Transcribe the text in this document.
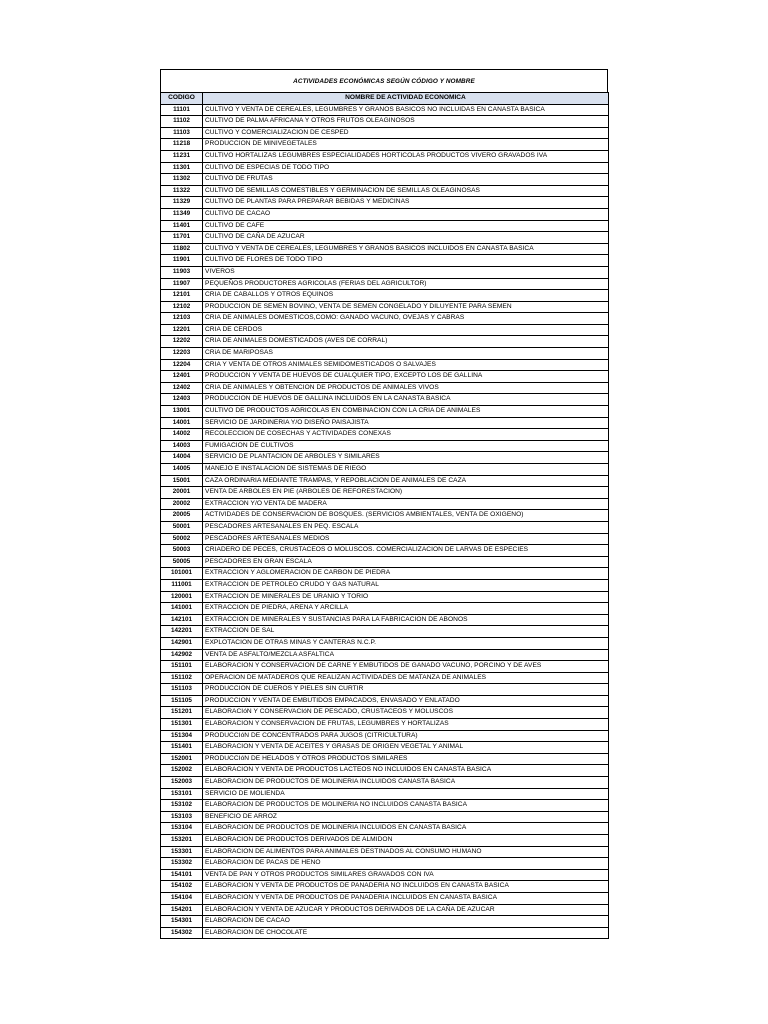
ACTIVIDADES ECONÓMICAS SEGÚN CÓDIGO Y NOMBRE
CODIGO	NOMBRE DE ACTIVIDAD ECONOMICA
11101	CULTIVO Y VENTA DE CEREALES, LEGUMBRES Y GRANOS BASICOS NO INCLUIDAS EN CANASTA BASICA
11102	CULTIVO DE PALMA AFRICANA Y OTROS FRUTOS OLEAGINOSOS
11103	CULTIVO Y COMERCIALIZACION DE CESPED
11218	PRODUCCION DE MINIVEGETALES
11231	CULTIVO HORTALIZAS LEGUMBRES ESPECIALIDADES HORTICOLAS PRODUCTOS VIVERO GRAVADOS IVA
11301	CULTIVO DE ESPECIAS DE TODO TIPO
11302	CULTIVO DE FRUTAS
11322	CULTIVO DE SEMILLAS COMESTIBLES Y GERMINACION DE SEMILLAS OLEAGINOSAS
11329	CULTIVO DE PLANTAS PARA PREPARAR BEBIDAS Y MEDICINAS
11349	CULTIVO DE CACAO
11401	CULTIVO DE CAFE
11701	CULTIVO DE CAÑA DE AZUCAR
11802	CULTIVO Y VENTA DE CEREALES, LEGUMBRES Y GRANOS BASICOS INCLUIDOS EN CANASTA BASICA
11901	CULTIVO DE FLORES DE TODO TIPO
11903	VIVEROS
11907	PEQUEÑOS PRODUCTORES AGRICOLAS (FERIAS DEL AGRICULTOR)
12101	CRIA DE CABALLOS Y OTROS EQUINOS
12102	PRODUCCION DE SEMEN BOVINO, VENTA DE SEMEN CONGELADO Y DILUYENTE PARA SEMEN
12103	CRIA DE ANIMALES DOMESTICOS,COMO: GANADO VACUNO, OVEJAS Y CABRAS
12201	CRIA DE CERDOS
12202	CRIA DE ANIMALES DOMESTICADOS (AVES DE CORRAL)
12203	CRiA DE MARIPOSAS
12204	CRIA Y VENTA DE OTROS ANIMALES SEMIDOMESTICADOS O SALVAJES
12401	PRODUCCION Y VENTA DE HUEVOS DE CUALQUIER TIPO, EXCEPTO LOS DE GALLINA
12402	CRIA DE ANIMALES Y OBTENCION DE PRODUCTOS DE ANIMALES VIVOS
12403	PRODUCCION DE HUEVOS DE GALLINA INCLUIDOS EN LA CANASTA BASICA
13001	CULTIVO DE PRODUCTOS AGRICOLAS EN COMBINACION CON LA CRIA DE ANIMALES
14001	SERVICIO DE JARDINERIA Y/O DISEÑO PAISAJISTA
14002	RECOLECCION DE COSECHAS Y ACTIVIDADES CONEXAS
14003	FUMIGACION DE CULTIVOS
14004	SERVICIO DE PLANTACION DE ARBOLES Y SIMILARES
14005	MANEJO E INSTALACION DE SISTEMAS DE RIEGO
15001	CAZA ORDINARIA MEDIANTE TRAMPAS, Y REPOBLACION DE ANIMALES DE CAZA
20001	VENTA DE ARBOLES EN PIE (ARBOLES DE REFORESTACION)
20002	EXTRACCION Y/O VENTA DE MADERA
20005	ACTIVIDADES DE CONSERVACION DE BOSQUES. (SERVICIOS AMBIENTALES, VENTA DE OXIGENO)
50001	PESCADORES ARTESANALES EN PEQ. ESCALA
50002	PESCADORES ARTESANALES MEDIOS
50003	CRIADERO DE PECES, CRUSTACEOS O MOLUSCOS. COMERCIALIZACION DE LARVAS DE ESPECIES
50005	PESCADORES EN GRAN ESCALA
101001	EXTRACCION Y AGLOMERACION DE CARBON DE PIEDRA
111001	EXTRACCION DE PETROLEO CRUDO Y GAS NATURAL
120001	EXTRACCION DE MINERALES DE URANIO Y TORIO
141001	EXTRACCION DE PIEDRA, ARENA Y ARCILLA
142101	EXTRACCION DE MINERALES Y SUSTANCIAS PARA LA FABRICACION DE ABONOS
142201	EXTRACCION DE SAL
142901	EXPLOTACION DE OTRAS MINAS Y CANTERAS N.C.P.
142902	VENTA DE ASFALTO/MEZCLA ASFALTICA
151101	ELABORACION Y CONSERVACION DE CARNE Y EMBUTIDOS DE GANADO VACUNO, PORCINO Y DE AVES
151102	OPERACION DE MATADEROS QUE REALIZAN ACTIVIDADES DE MATANZA DE ANIMALES
151103	PRODUCCION DE CUEROS Y PIELES SIN CURTIR
151105	PRODUCCION Y VENTA DE EMBUTIDOS EMPACADOS, ENVASADO Y ENLATADO
151201	ELABORACIóN Y CONSERVACIóN DE PESCADO, CRUSTACEOS Y MOLUSCOS
151301	ELABORACION Y CONSERVACION DE FRUTAS, LEGUMBRES Y HORTALIZAS
151304	PRODUCCIóN DE CONCENTRADOS PARA JUGOS (CITRICULTURA)
151401	ELABORACION Y VENTA DE ACEITES Y GRASAS DE ORIGEN VEGETAL Y ANIMAL
152001	PRODUCCIóN DE HELADOS Y OTROS PRODUCTOS SIMILARES
152002	ELABORACION Y VENTA DE PRODUCTOS LACTEOS NO INCLUIDOS EN CANASTA BASICA
152003	ELABORACION DE PRODUCTOS DE MOLINERIA INCLUIDOS CANASTA BASICA
153101	SERVICIO DE MOLIENDA
153102	ELABORACION DE PRODUCTOS DE MOLINERIA NO INCLUIDOS CANASTA BASICA
153103	BENEFICIO DE ARROZ
153104	ELABORACION DE PRODUCTOS DE MOLINERIA INCLUIDOS EN CANASTA BASICA
153201	ELABORACION DE PRODUCTOS DERIVADOS DE ALMIDON
153301	ELABORACION DE ALIMENTOS PARA ANIMALES DESTINADOS AL CONSUMO HUMANO
153302	ELABORACION DE PACAS DE HENO
154101	VENTA DE PAN Y OTROS PRODUCTOS SIMILARES GRAVADOS CON IVA
154102	ELABORACION Y VENTA DE PRODUCTOS DE PANADERIA NO INCLUIDOS EN CANASTA BASICA
154104	ELABORACION Y VENTA DE PRODUCTOS DE PANADERIA INCLUIDOS EN CANASTA BASICA
154201	ELABORACION Y VENTA DE AZUCAR Y PRODUCTOS DERIVADOS DE LA CAÑA DE AZUCAR
154301	ELABORACION DE CACAO
154302	ELABORACION DE CHOCOLATE
